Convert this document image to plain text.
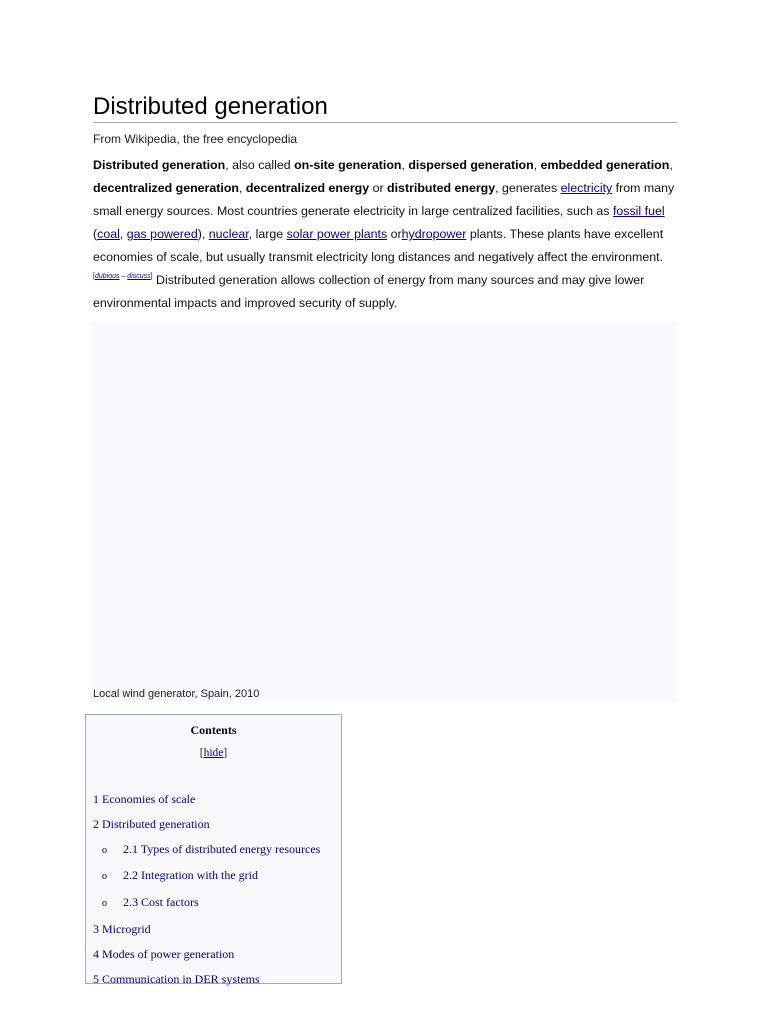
Distributed generation
From Wikipedia, the free encyclopedia

Distributed generation, also called on-site generation, dispersed generation, embedded generation, decentralized generation, decentralized energy or distributed energy, generates electricity from many small energy sources. Most countries generate electricity in large centralized facilities, such as fossil fuel (coal, gas powered), nuclear, large solar power plants orhydropower plants. These plants have excellent economies of scale, but usually transmit electricity long distances and negatively affect the environment.[dubious – discuss] Distributed generation allows collection of energy from many sources and may give lower environmental impacts and improved security of supply.

Local wind generator, Spain, 2010
Contents
[hide]
1 Economies of scale
2 Distributed generation
o 2.1 Types of distributed energy resources
o 2.2 Integration with the grid
o 2.3 Cost factors
3 Microgrid
4 Modes of power generation
5 Communication in DER systems
